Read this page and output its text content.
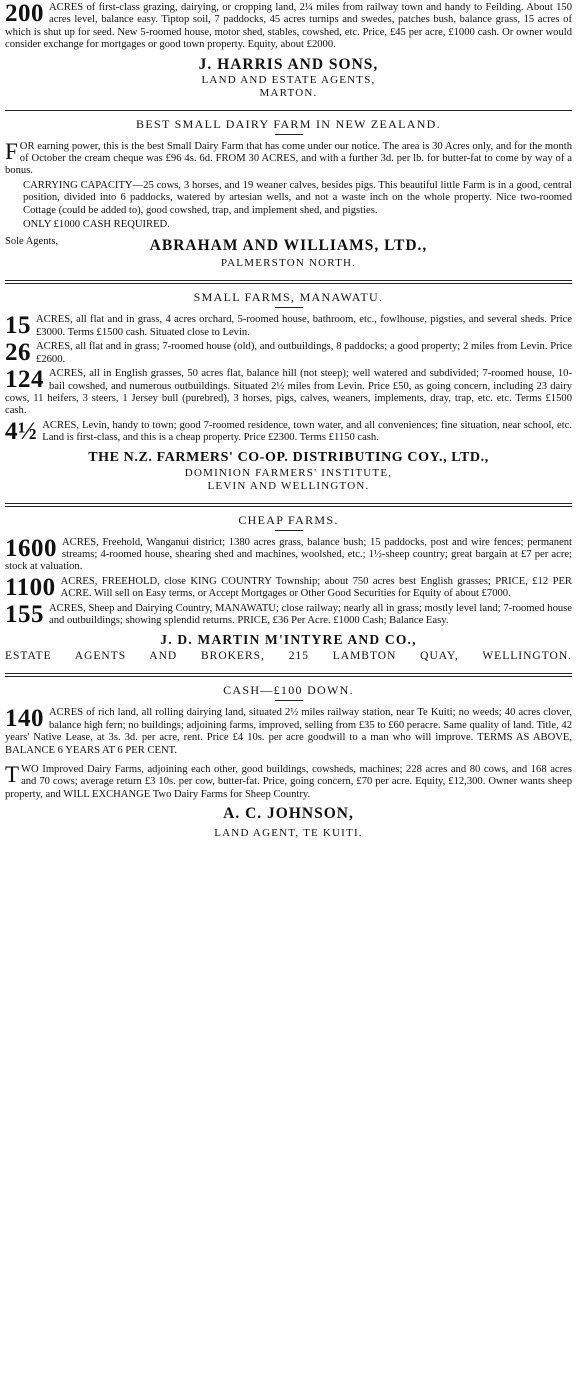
200 ACRES of first-class grazing, dairying, or cropping land, 2¼ miles from railway town and handy to Feilding. About 150 acres level, balance easy. Tiptop soil, 7 paddocks, 45 acres turnips and swedes, patches bush, balance grass, 15 acres of which is shut up for seed. New 5-roomed house, motor shed, stables, cowshed, etc. Price, £45 per acre, £1000 cash. Or owner would consider exchange for mortgages or good town property. Equity, about £2000.

J. HARRIS AND SONS,
LAND AND ESTATE AGENTS,
MARTON.
BEST SMALL DAIRY FARM IN NEW ZEALAND.

FOR earning power, this is the best Small Dairy Farm that has come under our notice. The area is 30 Acres only, and for the month of October the cream cheque was £96 4s. 6d. FROM 30 ACRES, and with a further 3d. per lb. for butter-fat to come by way of a bonus.

CARRYING CAPACITY—25 cows, 3 horses, and 19 weaner calves, besides pigs. This beautiful little Farm is in a good, central position, divided into 6 paddocks, watered by artesian wells, and not a waste inch on the whole property. Nice two-roomed Cottage (could be added to), good cowshed, trap, and implement shed, and pigsties.

ONLY £1000 CASH REQUIRED.

Sole Agents,	ABRAHAM AND WILLIAMS, LTD.,
PALMERSTON NORTH.
SMALL FARMS, MANAWATU.

15 ACRES, all flat and in grass, 4 acres orchard, 5-roomed house, bathroom, etc., fowlhouse, pigsties, and several sheds. Price £3000. Terms £1500 cash. Situated close to Levin.

26 ACRES, all flat and in grass; 7-roomed house (old), and outbuildings, 8 paddocks; a good property; 2 miles from Levin. Price £2600.

124 ACRES, all in English grasses, 50 acres flat, balance hill (not steep); well watered and subdivided; 7-roomed house, 10-bail cowshed, and numerous outbuildings. Situated 2½ miles from Levin. Price £50, as going concern, including 23 dairy cows, 11 heifers, 3 steers, 1 Jersey bull (purebred), 3 horses, pigs, calves, weaners, implements, dray, trap, etc. etc. Terms £1500 cash.

4½ ACRES, Levin, handy to town; good 7-roomed residence, town water, and all conveniences; fine situation, near school, etc. Land is first-class, and this is a cheap property. Price £2300. Terms £1150 cash.

THE N.Z. FARMERS' CO-OP. DISTRIBUTING COY., LTD.,
DOMINION FARMERS' INSTITUTE,
LEVIN AND WELLINGTON.
CHEAP FARMS.

1600 ACRES, Freehold, Wanganui district; 1380 acres grass, balance bush; 15 paddocks, post and wire fences; permanent streams; 4-roomed house, shearing shed and machines, woolshed, etc.; 1½-sheep country; great bargain at £7 per acre; stock at valuation.

1100 ACRES, FREEHOLD, close KING COUNTRY Township; about 750 acres best English grasses; PRICE, £12 PER ACRE. Will sell on Easy terms, or Accept Mortgages or Other Good Securities for Equity of about £7000.

155 ACRES, Sheep and Dairying Country, MANAWATU; close railway; nearly all in grass; mostly level land; 7-roomed house and outbuildings; showing splendid returns. PRICE, £36 Per Acre. £1000 Cash; Balance Easy.

J. D. MARTIN M'INTYRE AND CO.,
ESTATE AGENTS AND BROKERS, 215 LAMBTON QUAY, WELLINGTON.
CASH—£100 DOWN.

140 ACRES of rich land, all rolling dairying land, situated 2½ miles railway station, near Te Kuiti; no weeds; 40 acres clover, balance high fern; no buildings; adjoining farms, improved, selling from £35 to £60 peracre. Same quality of land. Title, 42 years' Native Lease, at 3s. 3d. per acre, rent. Price £4 10s. per acre goodwill to a man who will improve. TERMS AS ABOVE, BALANCE 6 YEARS AT 6 PER CENT.

TWO Improved Dairy Farms, adjoining each other, good buildings, cowsheds, machines; 228 acres and 80 cows, and 168 acres and 70 cows; average return £3 10s. per cow, butter-fat. Price, going concern, £70 per acre. Equity, £12,300. Owner wants sheep property, and WILL EXCHANGE Two Dairy Farms for Sheep Country.

A. C. JOHNSON,
LAND AGENT, TE KUITI.
